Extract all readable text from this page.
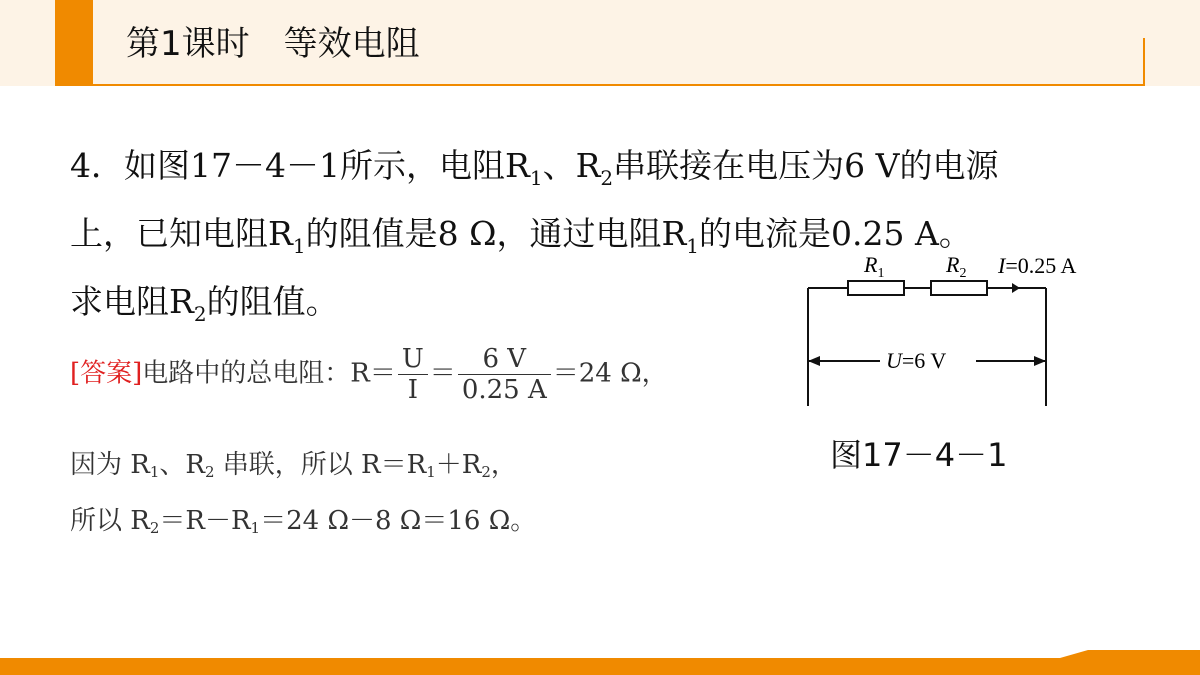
第1课时　等效电阻
4．如图17－4－1所示，电阻$R_1$、$R_2$串联接在电压为6 V的电源
上，已知电阻$R_1$的阻值是8 Ω，通过电阻$R_1$的电流是0.25 A。
求电阻$R_2$的阻值。
[答案]电路中的总电阻：$R= \frac{U}{I} = \frac{6 V}{0.25 A} =24$ Ω，
因为 $R_1$、$R_2$ 串联，所以 $R=R_1+R_2$，
所以 $R_2=R-R_1=24$ Ω－8 Ω＝16 Ω。
$R_1$	$R_2$ I=0.25 A
U=6 V
图17－4－1
